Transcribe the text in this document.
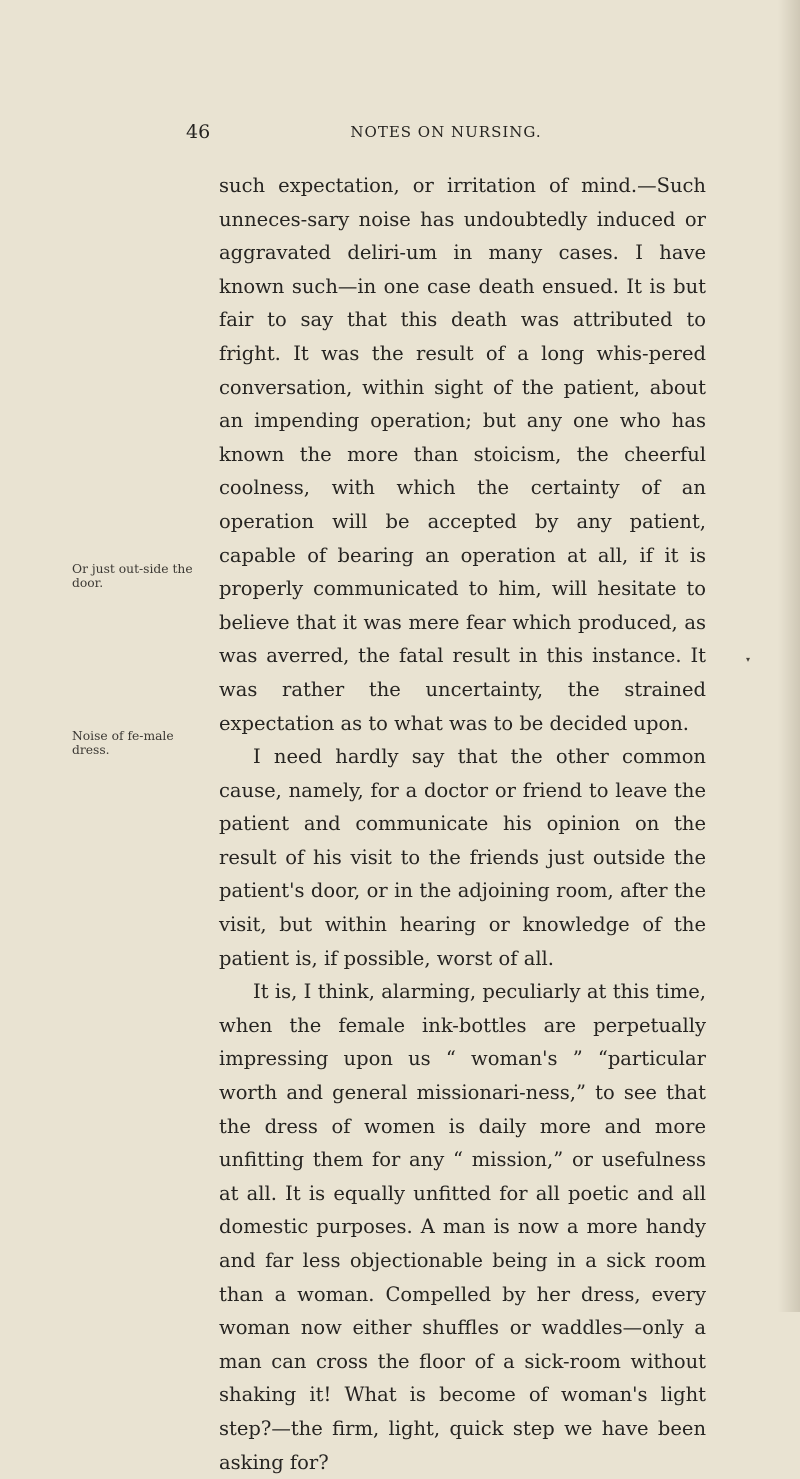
46	NOTES ON NURSING.
Or just out-side the door.
Noise of fe-male dress.
▾

such expectation, or irritation of mind.—Such unneces-sary noise has undoubtedly induced or aggravated deliri-um in many cases. I have known such—in one case death ensued. It is but fair to say that this death was attributed to fright. It was the result of a long whis-pered conversation, within sight of the patient, about an impending operation; but any one who has known the more than stoicism, the cheerful coolness, with which the certainty of an operation will be accepted by any patient, capable of bearing an operation at all, if it is properly communicated to him, will hesitate to believe that it was mere fear which produced, as was averred, the fatal result in this instance. It was rather the uncertainty, the strained expectation as to what was to be decided upon.

I need hardly say that the other common cause, namely, for a doctor or friend to leave the patient and communicate his opinion on the result of his visit to the friends just outside the patient's door, or in the adjoining room, after the visit, but within hearing or knowledge of the patient is, if possible, worst of all.

It is, I think, alarming, peculiarly at this time, when the female ink-bottles are perpetually impressing upon us “ woman's ” “particular worth and general missionari-ness,” to see that the dress of women is daily more and more unfitting them for any “ mission,” or usefulness at all. It is equally unfitted for all poetic and all domestic purposes. A man is now a more handy and far less objectionable being in a sick room than a woman. Compelled by her dress, every woman now either shuffles or waddles—only a man can cross the floor of a sick-room without shaking it! What is become of woman's light step?—the firm, light, quick step we have been asking for?
